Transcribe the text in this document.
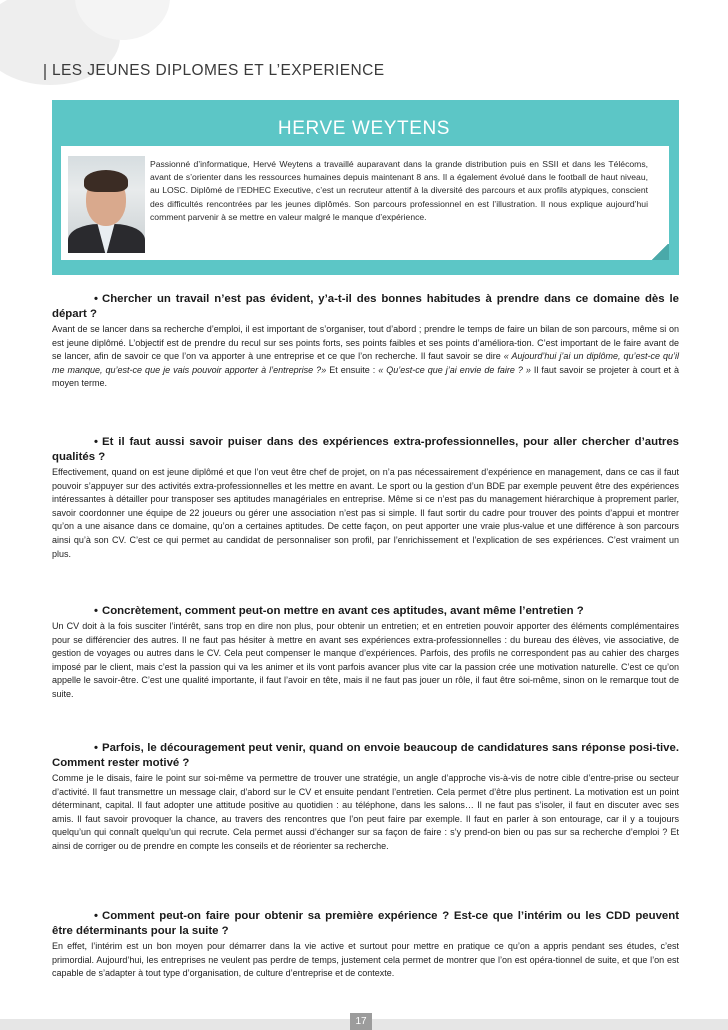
LES JEUNES DIPLOMES ET L’EXPERIENCE
HERVE WEYTENS
Passionné d’informatique, Hervé Weytens a travaillé auparavant dans la grande distribution puis en SSII et dans les Télécoms, avant de s’orienter dans les ressources humaines depuis maintenant 8 ans. Il a également évolué dans le football de haut niveau, au LOSC. Diplômé de l’EDHEC Executive, c’est un recruteur attentif à la diversité des parcours et aux profils atypiques, conscient des difficultés rencontrées par les jeunes diplômés. Son parcours professionnel en est l’illustration. Il nous explique aujourd’hui comment parvenir à se mettre en valeur malgré le manque d’expérience.

• Chercher un travail n’est pas évident, y’a-t-il des bonnes habitudes à prendre dans ce domaine dès le départ ?

Avant de se lancer dans sa recherche d’emploi, il est important de s’organiser, tout d’abord ; prendre le temps de faire un bilan de son parcours, même si on est jeune diplômé. L’objectif est de prendre du recul sur ses points forts, ses points faibles et ses points d’améliora-tion. C’est important de le faire avant de se lancer, afin de savoir ce que l’on va apporter à une entreprise et ce que l’on recherche. Il faut savoir se dire « Aujourd’hui j’ai un diplôme, qu’est-ce qu’il me manque, qu’est-ce que je vais pouvoir apporter à l’entreprise ?» Et ensuite : « Qu’est-ce que j’ai envie de faire ? » Il faut savoir se projeter à court et à moyen terme.

• Et il faut aussi savoir puiser dans des expériences extra-professionnelles, pour aller chercher d’autres qualités ?

Effectivement, quand on est jeune diplômé et que l’on veut être chef de projet, on n’a pas nécessairement d’expérience en management, dans ce cas il faut pouvoir s’appuyer sur des activités extra-professionnelles et les mettre en avant. Le sport ou la gestion d’un BDE par exemple peuvent être des expériences intéressantes à détailler pour transposer ses aptitudes managériales en entreprise. Même si ce n’est pas du management hiérarchique à proprement parler, savoir coordonner une équipe de 22 joueurs ou gérer une association n’est pas si simple. Il faut sortir du cadre pour trouver des points d’appui et montrer qu’on a une aisance dans ce domaine, qu’on a certaines aptitudes. De cette façon, on peut apporter une vraie plus-value et une différence à son parcours ainsi qu’à son CV. C’est ce qui permet au candidat de personnaliser son profil, par l’enrichissement et l’explication de ses expériences. C’est vraiment un plus.

• Concrètement, comment peut-on mettre en avant ces aptitudes, avant même l’entretien ?

Un CV doit à la fois susciter l’intérêt, sans trop en dire non plus, pour obtenir un entretien; et en entretien pouvoir apporter des éléments complémentaires pour se différencier des autres. Il ne faut pas hésiter à mettre en avant ses expériences extra-professionnelles : du bureau des élèves, vie associative, de gestion de voyages ou autres dans le CV. Cela peut compenser le manque d’expériences. Parfois, des profils ne correspondent pas au cahier des charges imposé par le client, mais c’est la passion qui va les animer et ils vont parfois avancer plus vite car la passion crée une motivation naturelle. C’est ce qu’on appelle le savoir-être. C’est une qualité importante, il faut l’avoir en tête, mais il ne faut pas jouer un rôle, il faut être soi-même, sinon on le remarque tout de suite.

• Parfois, le découragement peut venir, quand on envoie beaucoup de candidatures sans réponse posi-tive. Comment rester motivé ?

Comme je le disais, faire le point sur soi-même va permettre de trouver une stratégie, un angle d’approche vis-à-vis de notre cible d’entre-prise ou secteur d’activité. Il faut transmettre un message clair, d’abord sur le CV et ensuite pendant l’entretien. Cela permet d’être plus pertinent. La motivation est un point déterminant, capital. Il faut adopter une attitude positive au quotidien : au téléphone, dans les salons… Il ne faut pas s’isoler, il faut en discuter avec ses amis. Il faut savoir provoquer la chance, au travers des rencontres que l’on peut faire par exemple. Il faut en parler à son entourage, car il y a toujours quelqu’un qui connaît quelqu’un qui recrute. Cela permet aussi d’échanger sur sa façon de faire : s’y prend-on bien ou pas sur sa recherche d’emploi ? Et ainsi de corriger ou de prendre en compte les conseils et de réorienter sa recherche.

• Comment peut-on faire pour obtenir sa première expérience ? Est-ce que l’intérim ou les CDD peuvent être déterminants pour la suite ?

En effet, l’intérim est un bon moyen pour démarrer dans la vie active et surtout pour mettre en pratique ce qu’on a appris pendant ses études, c’est primordial. Aujourd’hui, les entreprises ne veulent pas perdre de temps, justement cela permet de montrer que l’on est opéra-tionnel de suite, et que l’on est capable de s’adapter à tout type d’organisation, de culture d’entreprise et de contexte.

17
